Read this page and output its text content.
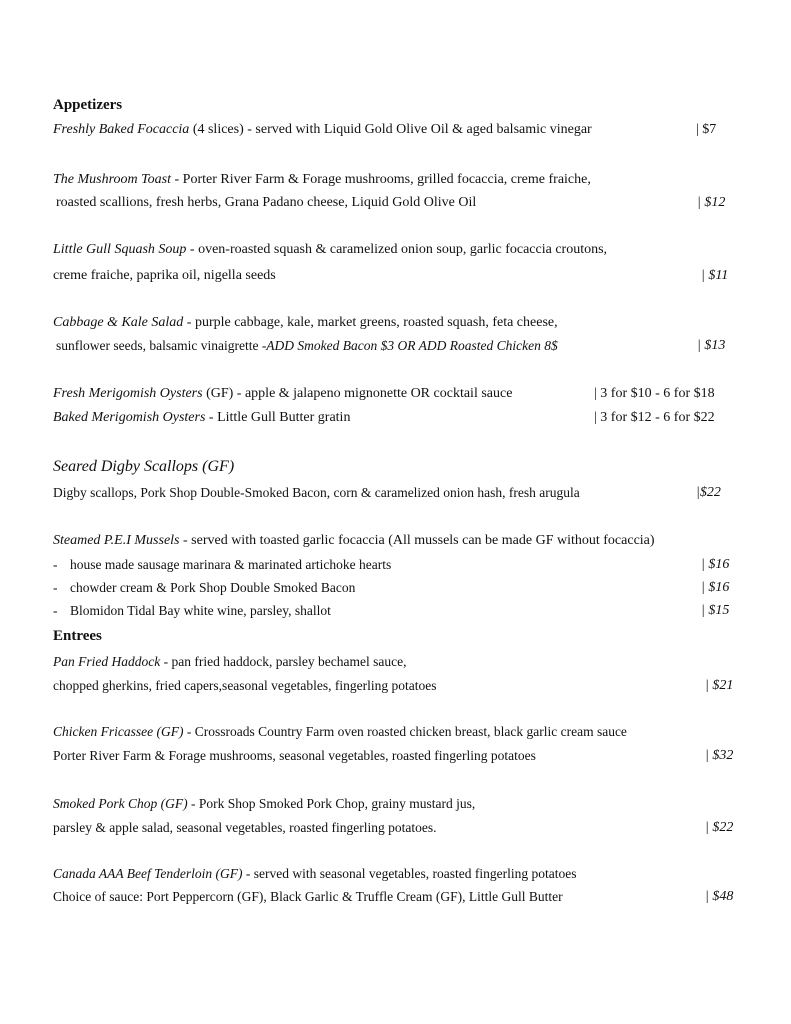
Appetizers
Freshly Baked Focaccia (4 slices) - served with Liquid Gold Olive Oil & aged balsamic vinegar	| $7
The Mushroom Toast - Porter River Farm & Forage mushrooms, grilled focaccia, creme fraiche,
roasted scallions, fresh herbs, Grana Padano cheese, Liquid Gold Olive Oil	| $12
Little Gull Squash Soup - oven-roasted squash & caramelized onion soup, garlic focaccia croutons,
creme fraiche, paprika oil, nigella seeds	| $11
Cabbage & Kale Salad - purple cabbage, kale, market greens, roasted squash, feta cheese,
sunflower seeds, balsamic vinaigrette -ADD Smoked Bacon $3 OR ADD Roasted Chicken 8$	| $13
Fresh Merigomish Oysters (GF) - apple & jalapeno mignonette OR cocktail sauce	| 3 for $10 - 6 for $18
Baked Merigomish Oysters - Little Gull Butter gratin	| 3 for $12 - 6 for $22
Seared Digby Scallops (GF)
Digby scallops, Pork Shop Double-Smoked Bacon, corn & caramelized onion hash, fresh arugula	|$22
Steamed P.E.I Mussels - served with toasted garlic focaccia (All mussels can be made GF without focaccia)
- house made sausage marinara & marinated artichoke hearts	| $16
- chowder cream & Pork Shop Double Smoked Bacon	| $16
- Blomidon Tidal Bay white wine, parsley, shallot	| $15
Entrees
Pan Fried Haddock - pan fried haddock, parsley bechamel sauce,
chopped gherkins, fried capers,seasonal vegetables, fingerling potatoes	| $21
Chicken Fricassee (GF) - Crossroads Country Farm oven roasted chicken breast, black garlic cream sauce
Porter River Farm & Forage mushrooms, seasonal vegetables, roasted fingerling potatoes	| $32
Smoked Pork Chop (GF) - Pork Shop Smoked Pork Chop, grainy mustard jus,
parsley & apple salad, seasonal vegetables, roasted fingerling potatoes.	| $22
Canada AAA Beef Tenderloin (GF) - served with seasonal vegetables, roasted fingerling potatoes
Choice of sauce: Port Peppercorn (GF), Black Garlic & Truffle Cream (GF), Little Gull Butter	| $48
